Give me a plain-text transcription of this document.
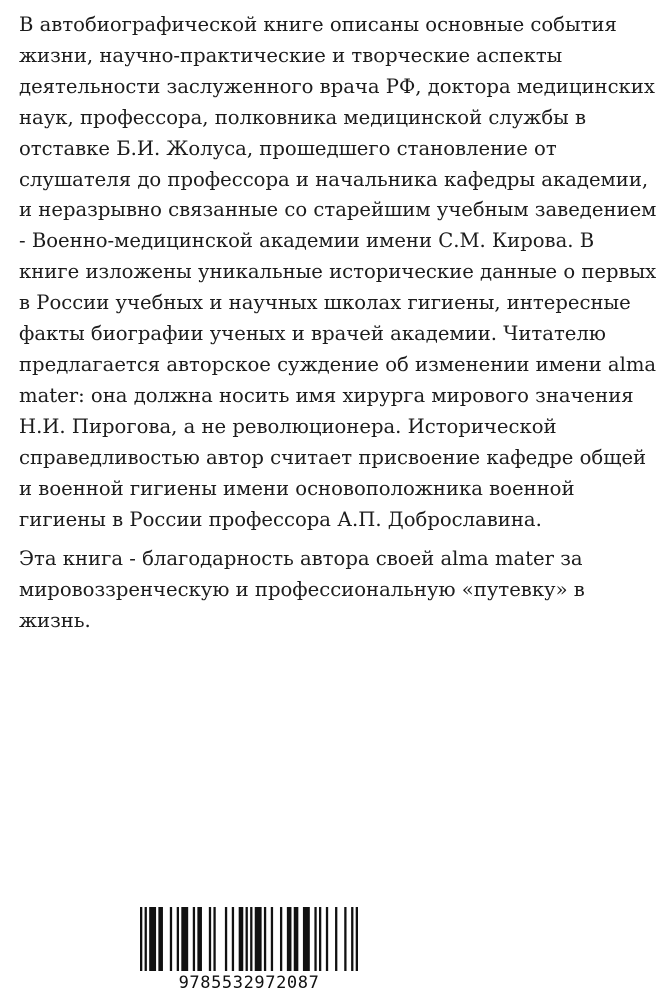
В автобиографической книге описаны основные события
жизни, научно-практические и творческие аспекты
деятельности заслуженного врача РФ, доктора медицинских
наук, профессора, полковника медицинской службы в
отставке Б.И. Жолуса, прошедшего становление от
слушателя до профессора и начальника кафедры академии,
и неразрывно связанные со старейшим учебным заведением
- Военно-медицинской академии имени С.М. Кирова. В
книге изложены уникальные исторические данные о первых
в России учебных и научных школах гигиены, интересные
факты биографии ученых и врачей академии. Читателю
предлагается авторское суждение об изменении имени alma
mater: она должна носить имя хирурга мирового значения
Н.И. Пирогова, а не революционера. Исторической
справедливостью автор считает присвоение кафедре общей
и военной гигиены имени основоположника военной
гигиены в России профессора А.П. Доброславина.

Эта книга - благодарность автора своей alma mater за
мировоззренческую и профессиональную «путевку» в
жизнь.

9785532972087
